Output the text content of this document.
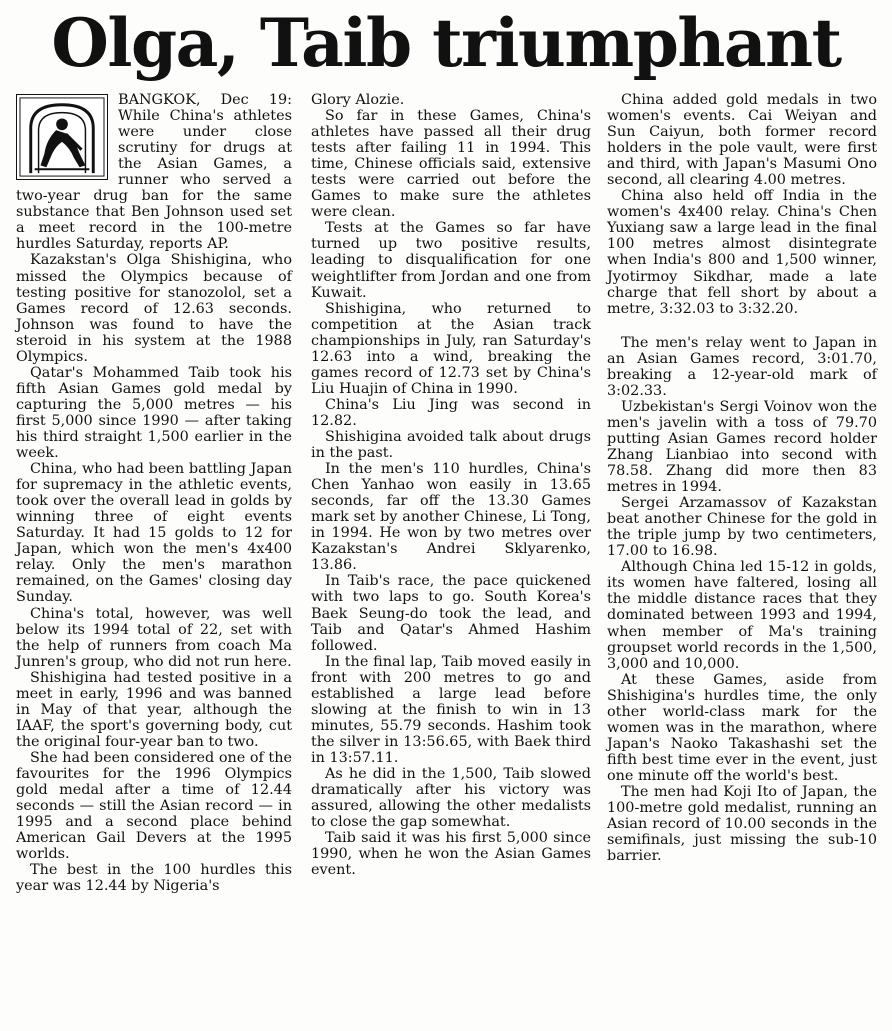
Olga, Taib triumphant

BANGKOK, Dec 19: While China's athletes were under close scrutiny for drugs at the Asian Games, a runner who served a two-year drug ban for the same substance that Ben Johnson used set a meet record in the 100-metre hurdles Saturday, reports AP.

Kazakstan's Olga Shishigina, who missed the Olympics because of testing positive for stanozolol, set a Games record of 12.63 seconds. Johnson was found to have the steroid in his system at the 1988 Olympics.

Qatar's Mohammed Taib took his fifth Asian Games gold medal by capturing the 5,000 metres — his first 5,000 since 1990 — after taking his third straight 1,500 earlier in the week.

China, who had been battling Japan for supremacy in the athletic events, took over the overall lead in golds by winning three of eight events Saturday. It had 15 golds to 12 for Japan, which won the men's 4x400 relay. Only the men's marathon remained, on the Games' closing day Sunday.

China's total, however, was well below its 1994 total of 22, set with the help of runners from coach Ma Junren's group, who did not run here.

Shishigina had tested positive in a meet in early, 1996 and was banned in May of that year, although the IAAF, the sport's governing body, cut the original four-year ban to two.

She had been considered one of the favourites for the 1996 Olympics gold medal after a time of 12.44 seconds — still the Asian record — in 1995 and a second place behind American Gail Devers at the 1995 worlds.

The best in the 100 hurdles this year was 12.44 by Nigeria's

Glory Alozie.

So far in these Games, China's athletes have passed all their drug tests after failing 11 in 1994. This time, Chinese officials said, extensive tests were carried out before the Games to make sure the athletes were clean.

Tests at the Games so far have turned up two positive results, leading to disqualification for one weightlifter from Jordan and one from Kuwait.

Shishigina, who returned to competition at the Asian track championships in July, ran Saturday's 12.63 into a wind, breaking the games record of 12.73 set by China's Liu Huajin of China in 1990.

China's Liu Jing was second in 12.82.

Shishigina avoided talk about drugs in the past.

In the men's 110 hurdles, China's Chen Yanhao won easily in 13.65 seconds, far off the 13.30 Games mark set by another Chinese, Li Tong, in 1994. He won by two metres over Kazakstan's Andrei Sklyarenko, 13.86.

In Taib's race, the pace quickened with two laps to go. South Korea's Baek Seung-do took the lead, and Taib and Qatar's Ahmed Hashim followed.

In the final lap, Taib moved easily in front with 200 metres to go and established a large lead before slowing at the finish to win in 13 minutes, 55.79 seconds. Hashim took the silver in 13:56.65, with Baek third in 13:57.11.

As he did in the 1,500, Taib slowed dramatically after his victory was assured, allowing the other medalists to close the gap somewhat.

Taib said it was his first 5,000 since 1990, when he won the Asian Games event.

China added gold medals in two women's events. Cai Weiyan and Sun Caiyun, both former record holders in the pole vault, were first and third, with Japan's Masumi Ono second, all clearing 4.00 metres.

China also held off India in the women's 4x400 relay. China's Chen Yuxiang saw a large lead in the final 100 metres almost disintegrate when India's 800 and 1,500 winner, Jyotirmoy Sikdhar, made a late charge that fell short by about a metre, 3:32.03 to 3:32.20.

The men's relay went to Japan in an Asian Games record, 3:01.70, breaking a 12-year-old mark of 3:02.33.

Uzbekistan's Sergi Voinov won the men's javelin with a toss of 79.70 putting Asian Games record holder Zhang Lianbiao into second with 78.58. Zhang did more then 83 metres in 1994.

Sergei Arzamassov of Kazakstan beat another Chinese for the gold in the triple jump by two centimeters, 17.00 to 16.98.

Although China led 15-12 in golds, its women have faltered, losing all the middle distance races that they dominated between 1993 and 1994, when member of Ma's training groupset world records in the 1,500, 3,000 and 10,000.

At these Games, aside from Shishigina's hurdles time, the only other world-class mark for the women was in the marathon, where Japan's Naoko Takashashi set the fifth best time ever in the event, just one minute off the world's best.

The men had Koji Ito of Japan, the 100-metre gold medalist, running an Asian record of 10.00 seconds in the semifinals, just missing the sub-10 barrier.
